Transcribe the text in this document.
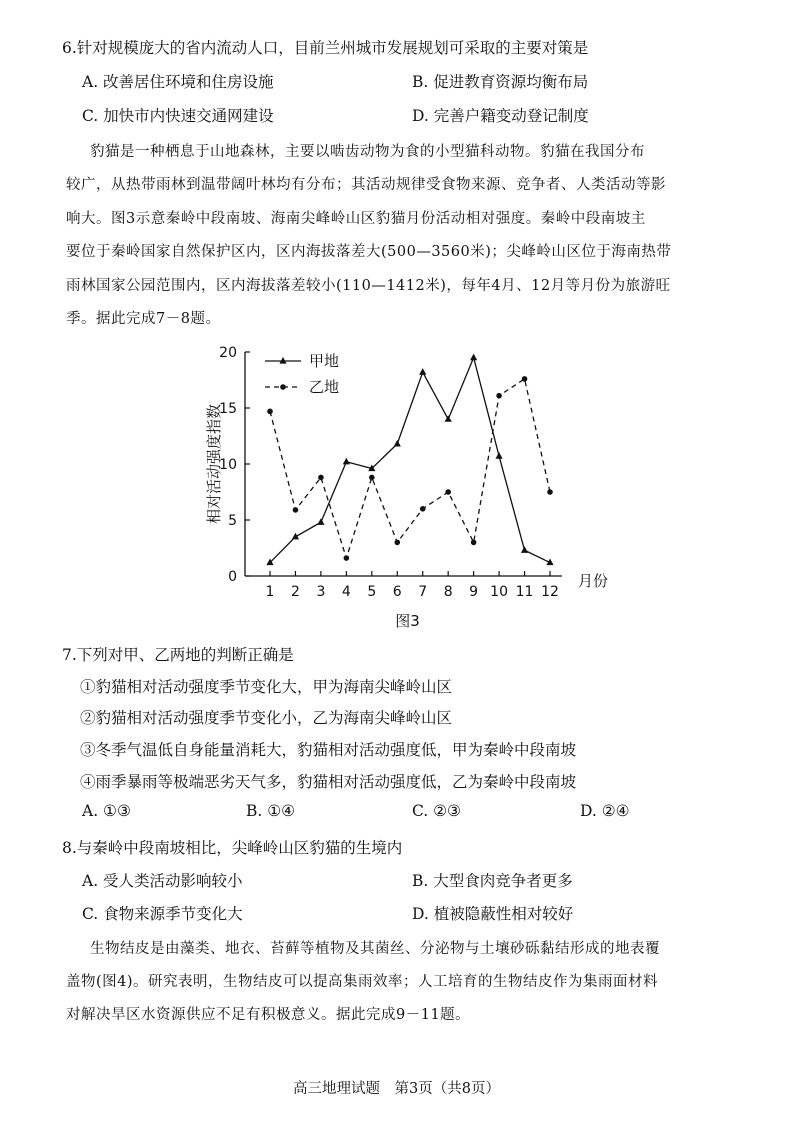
6.针对规模庞大的省内流动人口，目前兰州城市发展规划可采取的主要对策是
A. 改善居住环境和住房设施	B. 促进教育资源均衡布局
C. 加快市内快速交通网建设	D. 完善户籍变动登记制度
豹猫是一种栖息于山地森林，主要以啮齿动物为食的小型猫科动物。豹猫在我国分布
较广，从热带雨林到温带阔叶林均有分布；其活动规律受食物来源、竞争者、人类活动等影
响大。图3示意秦岭中段南坡、海南尖峰岭山区豹猫月份活动相对强度。秦岭中段南坡主
要位于秦岭国家自然保护区内，区内海拔落差大(500—3560米)；尖峰岭山区位于海南热带
雨林国家公园范围内，区内海拔落差较小(110—1412米)，每年4月、12月等月份为旅游旺
季。据此完成7－8题。
0
5
10
15
20
1 2 3 4 5 6 7 8 9 10 11 12
月份
相对活动强度指数
图3
甲地
乙地
7.下列对甲、乙两地的判断正确是
①豹猫相对活动强度季节变化大，甲为海南尖峰岭山区
②豹猫相对活动强度季节变化小，乙为海南尖峰岭山区
③冬季气温低自身能量消耗大，豹猫相对活动强度低，甲为秦岭中段南坡
④雨季暴雨等极端恶劣天气多，豹猫相对活动强度低，乙为秦岭中段南坡
A. ①③	B. ①④	C. ②③	D. ②④
8.与秦岭中段南坡相比，尖峰岭山区豹猫的生境内
A. 受人类活动影响较小	B. 大型食肉竞争者更多
C. 食物来源季节变化大	D. 植被隐蔽性相对较好
生物结皮是由藻类、地衣、苔藓等植物及其菌丝、分泌物与土壤砂砾黏结形成的地表覆
盖物(图4)。研究表明，生物结皮可以提高集雨效率；人工培育的生物结皮作为集雨面材料
对解决旱区水资源供应不足有积极意义。据此完成9－11题。
高三地理试题　第3页（共8页）
